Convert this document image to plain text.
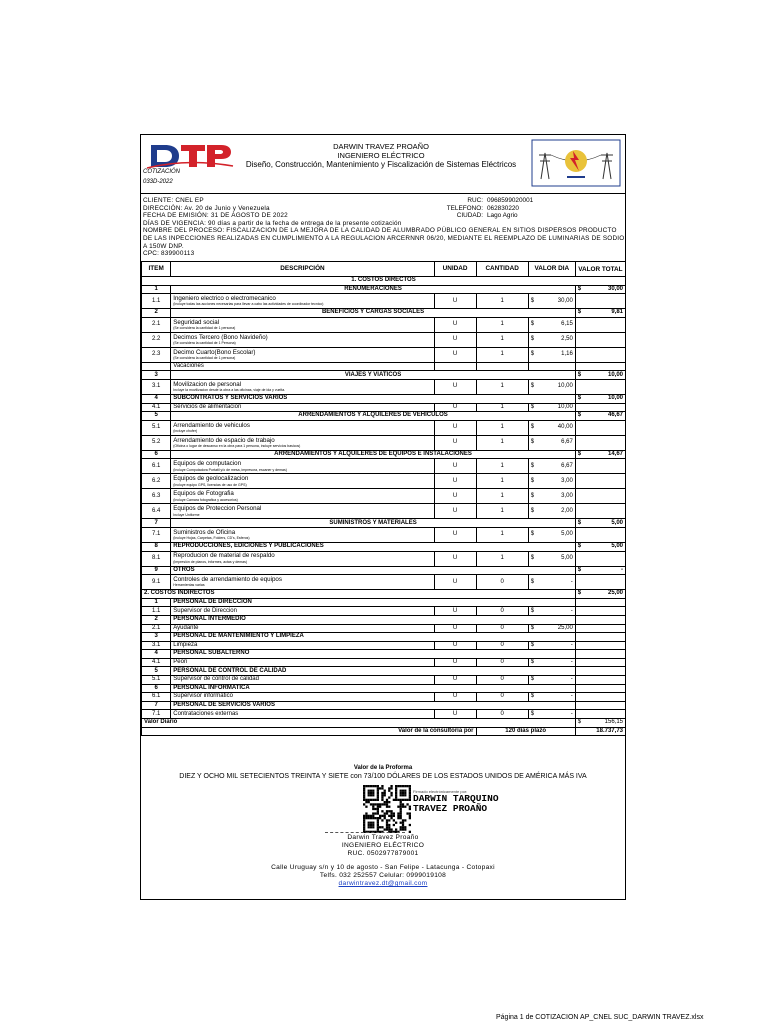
COTIZACIÓN
033D-2022
DARWIN TRAVEZ PROAÑO
INGENIERO ELÉCTRICO
Diseño, Construcción, Mantenimiento y Fiscalización de Sistemas Eléctricos
CLIENTE: CNEL EP
DIRECCIÓN: Av. 20 de Junio y Venezuela
FECHA DE EMISIÓN: 31 DE AGOSTO DE 2022
DÍAS DE VIGENCIA: 90 días a partir de la fecha de entrega de la presente cotización
NOMBRE DEL PROCESO: FISCALIZACION DE LA MEJORA DE LA CALIDAD DE ALUMBRADO PÚBLICO GENERAL EN SITIOS DISPERSOS PRODUCTO
DE LAS INPECCIONES REALIZADAS EN CUMPLIMIENTO A LA REGULACION ARCERNNR 06/20, MEDIANTE EL REEMPLAZO DE LUMINARIAS DE SODIO
A 150W DNP.
CPC: 839900113
RUC: 0968599020001
TELEFONO: 062830220
CIUDAD: Lago Agrio
ITEM	DESCRIPCIÓN	UNIDAD	CANTIDAD	VALOR DIA	VALOR TOTAL
1. COSTOS DIRECTOS					
1	RENUMERACIONES				$ 30,00

1.1	Ingeniero electrico o electromecanico
(Incluye todas las acciones necesarias para llevar a cabo las actividades de coordinador tecnico)	U	1	$ 30,00	

2	BENEFICIOS Y CARGAS SOCIALES				$ 9,81

2.1	Seguridad social
(Se considera la cantidad de 1 persona)	U	1	$ 6,15	

2.2	Decimos Tercero (Bono Navideño)
(Se considera la cantidad de 1 Persona)	U	1	$ 2,50	

2.3	Decimo Cuarto(Bono Escolar)
(Se considera la cantidad de 1 persona)	U	1	$ 1,16	

	Vacaciones				
3	VIAJES Y VIATICOS				$ 10,00

3.1	Movilizacion de personal
Incluye la movilizacion desde la obra a las oficinas, viaje de ida y vuelta.	U	1	$ 10,00	

4	SUBCONTRATOS Y SERVICIOS VARIOS				$ 10,00

4.1	Servicios de alimentacion	U	1	$ 10,00	

5	ARRENDAMIENTOS Y ALQUILERES DE VEHICULOS				$ 46,67

5.1	Arrendamiento de vehiculos
(incluye chofer)	U	1	$ 40,00	

5.2	Arrendamiento de espacio de trabajo
(Oficina o lugar de descanso en la obra para 1 persona, incluye servicios basicos)	U	1	$ 6,67	

6	ARRENDAMIENTOS Y ALQUILERES DE EQUIPOS E INSTALACIONES				$ 14,67

6.1	Equipos de computacion
(Incluye Computadora Portatil y/o de mesa, impresora, escaner y demas)	U	1	$ 6,67	

6.2	Equipos de geolocalizacion
(Incluye equipo GPS, licencias de uso de GPS)	U	1	$ 3,00	

6.3	Equipos de Fotografia
(Incluye Camara fotografica y accesorios)	U	1	$ 3,00	

6.4	Equipos de Proteccion Personal
Incluye Uniforme	U	1	$ 2,00	

7	SUMINISTROS Y MATERIALES				$ 5,00

7.1	Suministros de Oficina
(Incluye Hojas, Carpetas, Folders, CD's, Esferos)	U	1	$ 5,00	

8	REPRODUCCIONES, EDICIONES Y PUBLICACIONES				$ 5,00

8.1	Reproducion de material de respaldo
(Impresión de planos, informes, actas y demas)	U	1	$ 5,00	

9	OTROS				$ -

9.1	Controles de arrendamiento de equipos
Herramientas varias	U	0	$ -	

2. COSTOS INDIRECTOS					$ 25,00

1	PERSONAL DE DIRECCION				
1.1	Supervisor de Direccion	U	0	$ -	

2	PERSONAL INTERMEDIO				
2.1	Ayudante	U	0	$ 25,00	

3	PERSONAL DE MANTENIMIENTO Y LIMPIEZA				
3.1	Limpieza	U	0	$ -	

4	PERSONAL SUBALTERNO				
4.1	Peon	U	0	$ -	

5	PERSONAL DE CONTROL DE CALIDAD				
5.1	Supervisor de control de calidad	U	0	$ -	

6	PERSONAL INFORMATICA				
6.1	Supervisor informatico	U	0	$ -	

7	PERSONAL DE SERVICIOS VARIOS				
7.1	Contrataciones externas	U	0	$ -	

Valor Diario					$ 156,15

Valor de la consultoria por			120 días plazo		18.737,73
Valor de la Proforma
DIEZ Y OCHO MIL SETECIENTOS TREINTA Y SIETE con 73/100 DÓLARES DE LOS ESTADOS UNIDOS DE AMÉRICA MÁS IVA
Firmado electrónicamente por:
DARWIN TARQUINO
TRAVEZ PROAÑO
Darwin Travez Proaño
INGENIERO ELÉCTRICO
RUC. 0502977879001
Calle Uruguay s/n y 10 de agosto - San Felipe - Latacunga - Cotopaxi
Telfs. 032 252557 Celular: 0999019108
darwintravez.dt@gmail.com
Página 1 de COTIZACION AP_CNEL SUC_DARWIN TRAVEZ.xlsx
